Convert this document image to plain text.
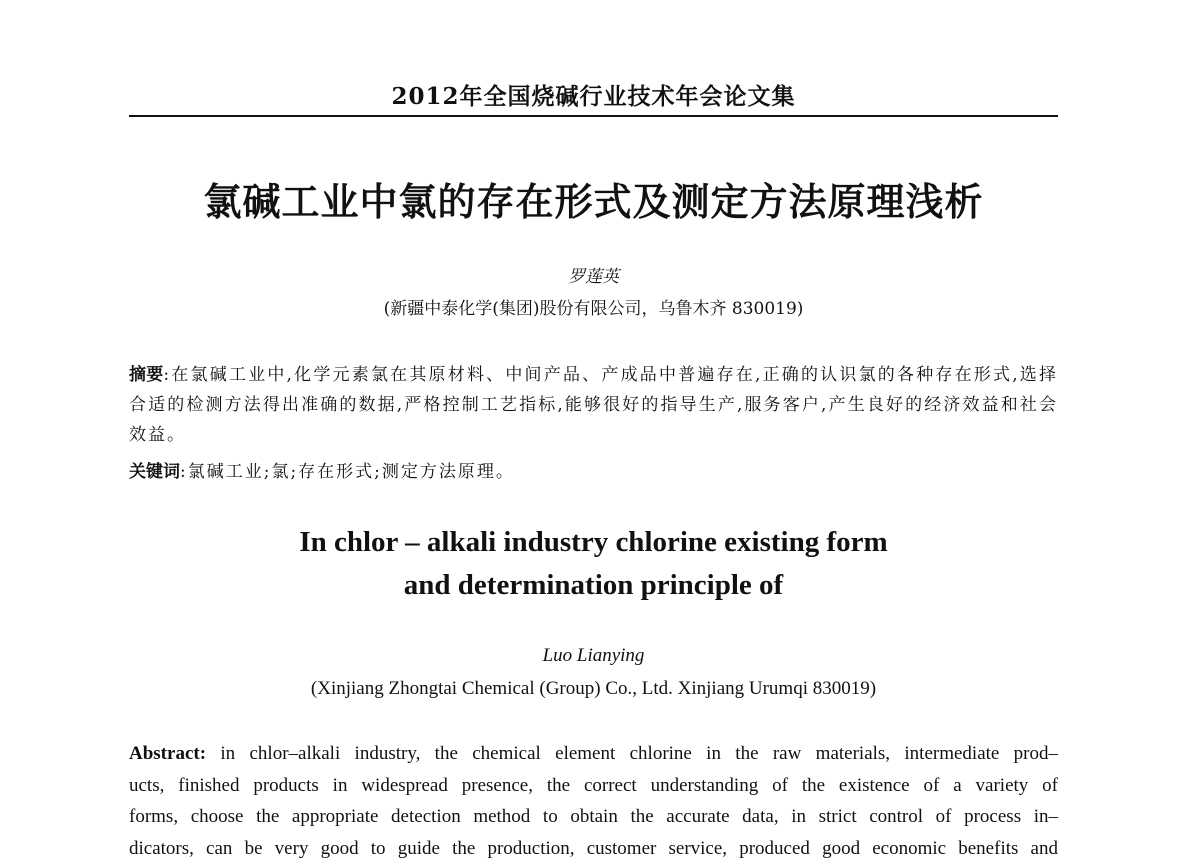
2012年全国烧碱行业技术年会论文集
氯碱工业中氯的存在形式及测定方法原理浅析
罗莲英
(新疆中泰化学(集团)股份有限公司，乌鲁木齐 830019)
摘要:在氯碱工业中,化学元素氯在其原材料、中间产品、产成品中普遍存在,正确的认识氯的各种存在形式,选择合适的检测方法得出准确的数据,严格控制工艺指标,能够很好的指导生产,服务客户,产生良好的经济效益和社会效益。
关键词:氯碱工业;氯;存在形式;测定方法原理。
In chlor – alkali industry chlorine existing form
and determination principle of
Luo Lianying
(Xinjiang Zhongtai Chemical (Group) Co., Ltd. Xinjiang Urumqi 830019)
Abstract: in chlor–alkali industry, the chemical element chlorine in the raw materials, intermediate prod–
ucts, finished products in widespread presence, the correct understanding of the existence of a variety of
forms, choose the appropriate detection method to obtain the accurate data, in strict control of process in–
dicators, can be very good to guide the production, customer service, produced good economic benefits and
